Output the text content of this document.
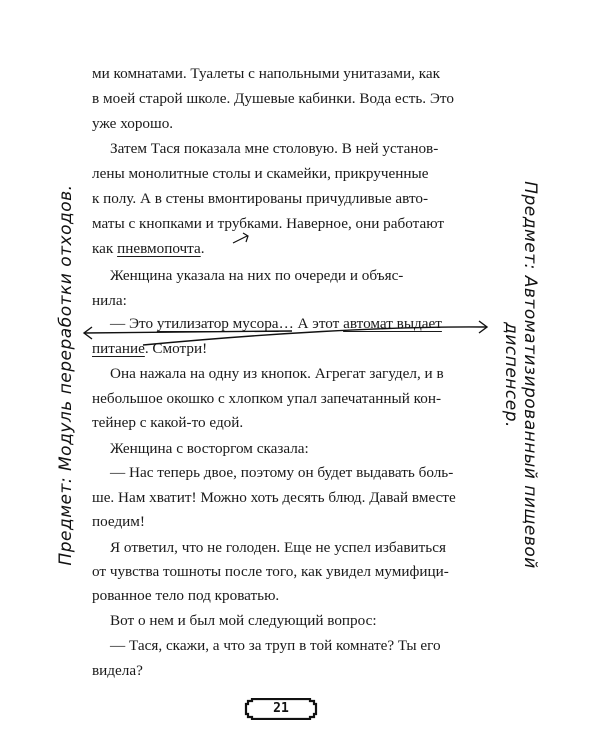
ми комнатами. Туалеты с напольными унитазами, как
в моей старой школе. Душевые кабинки. Вода есть. Это
уже хорошо.
Затем Тася показала мне столовую. В ней установ-
лены монолитные столы и скамейки, прикрученные
к полу. А в стены вмонтированы причудливые авто-
маты с кнопками и трубками. Наверное, они работают
как пневмопочта.
Женщина указала на них по очереди и объяс-
нила:
— Это утилизатор мусора… А этот автомат выдает
питание. Смотри!
Она нажала на одну из кнопок. Агрегат загудел, и в
небольшое окошко с хлопком упал запечатанный кон-
тейнер с какой-то едой.
Женщина с восторгом сказала:
— Нас теперь двое, поэтому он будет выдавать боль-
ше. Нам хватит! Можно хоть десять блюд. Давай вместе
поедим!
Я ответил, что не голоден. Еще не успел избавиться
от чувства тошноты после того, как увидел мумифици-
рованное тело под кроватью.
Вот о нем и был мой следующий вопрос:
— Тася, скажи, а что за труп в той комнате? Ты его
видела?
Предмет: Модуль переработки отходов.	Предмет: Автоматизированный пищевой
диспенсер.
21
